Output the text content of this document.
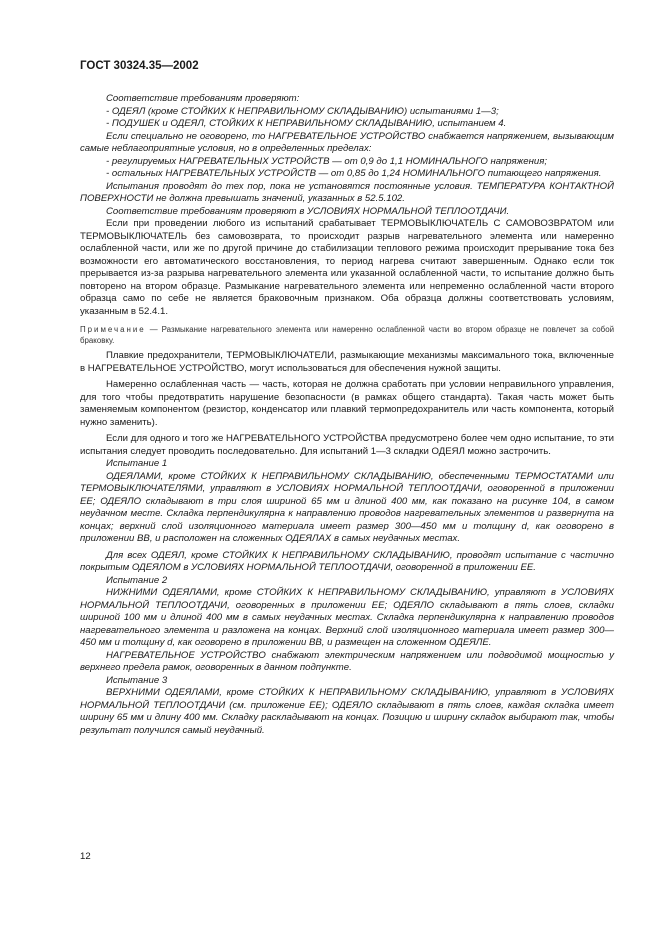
ГОСТ 30324.35—2002

Соответствие требованиям проверяют:

- ОДЕЯЛ (кроме СТОЙКИХ К НЕПРАВИЛЬНОМУ СКЛАДЫВАНИЮ) испытаниями 1—3;

- ПОДУШЕК и ОДЕЯЛ, СТОЙКИХ К НЕПРАВИЛЬНОМУ СКЛАДЫВАНИЮ, испытанием 4.

Если специально не оговорено, то НАГРЕВАТЕЛЬНОЕ УСТРОЙСТВО снабжается напряжением, вызывающим самые неблагоприятные условия, но в определенных пределах:

- регулируемых НАГРЕВАТЕЛЬНЫХ УСТРОЙСТВ — от 0,9 до 1,1 НОМИНАЛЬНОГО напряжения;

- остальных НАГРЕВАТЕЛЬНЫХ УСТРОЙСТВ — от 0,85 до 1,24 НОМИНАЛЬНОГО питающего напряжения.

Испытания проводят до тех пор, пока не установятся постоянные условия. ТЕМПЕРАТУРА КОНТАКТНОЙ ПОВЕРХНОСТИ не должна превышать значений, указанных в 52.5.102.

Соответствие требованиям проверяют в УСЛОВИЯХ НОРМАЛЬНОЙ ТЕПЛООТДАЧИ.

Если при проведении любого из испытаний срабатывает ТЕРМОВЫКЛЮЧАТЕЛЬ С САМОВОЗВРАТОМ или ТЕРМОВЫКЛЮЧАТЕЛЬ без самовозврата, то происходит разрыв нагревательного элемента или намеренно ослабленной части, или же по другой причине до стабилизации теплового режима происходит прерывание тока без возможности его автоматического восстановления, то период нагрева считают завершенным. Однако если ток прерывается из-за разрыва нагревательного элемента или указанной ослабленной части, то испытание должно быть повторено на втором образце. Размыкание нагревательного элемента или непременно ослабленной части второго образца само по себе не является браковочным признаком. Оба образца должны соответствовать условиям, указанным в 52.4.1.

Примечание — Размыкание нагревательного элемента или намеренно ослабленной части во втором образце не повлечет за собой браковку.

Плавкие предохранители, ТЕРМОВЫКЛЮЧАТЕЛИ, размыкающие механизмы максимального тока, включенные в НАГРЕВАТЕЛЬНОЕ УСТРОЙСТВО, могут использоваться для обеспечения нужной защиты.

Намеренно ослабленная часть — часть, которая не должна сработать при условии неправильного управления, для того чтобы предотвратить нарушение безопасности (в рамках общего стандарта). Такая часть может быть заменяемым компонентом (резистор, конденсатор или плавкий термопредохранитель или часть компонента, который нужно заменить).

Если для одного и того же НАГРЕВАТЕЛЬНОГО УСТРОЙСТВА предусмотрено более чем одно испытание, то эти испытания следует проводить последовательно. Для испытаний 1—3 складки ОДЕЯЛ можно застрочить.

Испытание 1

ОДЕЯЛАМИ, кроме СТОЙКИХ К НЕПРАВИЛЬНОМУ СКЛАДЫВАНИЮ, обеспеченными ТЕРМОСТАТАМИ или ТЕРМОВЫКЛЮЧАТЕЛЯМИ, управляют в УСЛОВИЯХ НОРМАЛЬНОЙ ТЕПЛООТДАЧИ, оговоренной в приложении ЕЕ; ОДЕЯЛО складывают в три слоя шириной 65 мм и длиной 400 мм, как показано на рисунке 104, в самом неудачном месте. Складка перпендикулярна к направлению проводов нагревательных элементов и развернута на концах; верхний слой изоляционного материала имеет размер 300—450 мм и толщину d, как оговорено в приложении ВВ, и расположен на сложенных ОДЕЯЛАХ в самых неудачных местах.

Для всех ОДЕЯЛ, кроме СТОЙКИХ К НЕПРАВИЛЬНОМУ СКЛАДЫВАНИЮ, проводят испытание с частично покрытым ОДЕЯЛОМ в УСЛОВИЯХ НОРМАЛЬНОЙ ТЕПЛООТДАЧИ, оговоренной в приложении ЕЕ.

Испытание 2

НИЖНИМИ ОДЕЯЛАМИ, кроме СТОЙКИХ К НЕПРАВИЛЬНОМУ СКЛАДЫВАНИЮ, управляют в УСЛОВИЯХ НОРМАЛЬНОЙ ТЕПЛООТДАЧИ, оговоренных в приложении ЕЕ; ОДЕЯЛО складывают в пять слоев, складки шириной 100 мм и длиной 400 мм в самых неудачных местах. Складка перпендикулярна к направлению проводов нагревательного элемента и разложена на концах. Верхний слой изоляционного материала имеет размер 300—450 мм и толщину d, как оговорено в приложении ВВ, и размещен на сложенном ОДЕЯЛЕ.

НАГРЕВАТЕЛЬНОЕ УСТРОЙСТВО снабжают электрическим напряжением или подводимой мощностью у верхнего предела рамок, оговоренных в данном подпункте.

Испытание 3

ВЕРХНИМИ ОДЕЯЛАМИ, кроме СТОЙКИХ К НЕПРАВИЛЬНОМУ СКЛАДЫВАНИЮ, управляют в УСЛОВИЯХ НОРМАЛЬНОЙ ТЕПЛООТДАЧИ (см. приложение ЕЕ); ОДЕЯЛО складывают в пять слоев, каждая складка имеет ширину 65 мм и длину 400 мм. Складку раскладывают на концах. Позицию и ширину складок выбирают так, чтобы результат получился самый неудачный.

12
